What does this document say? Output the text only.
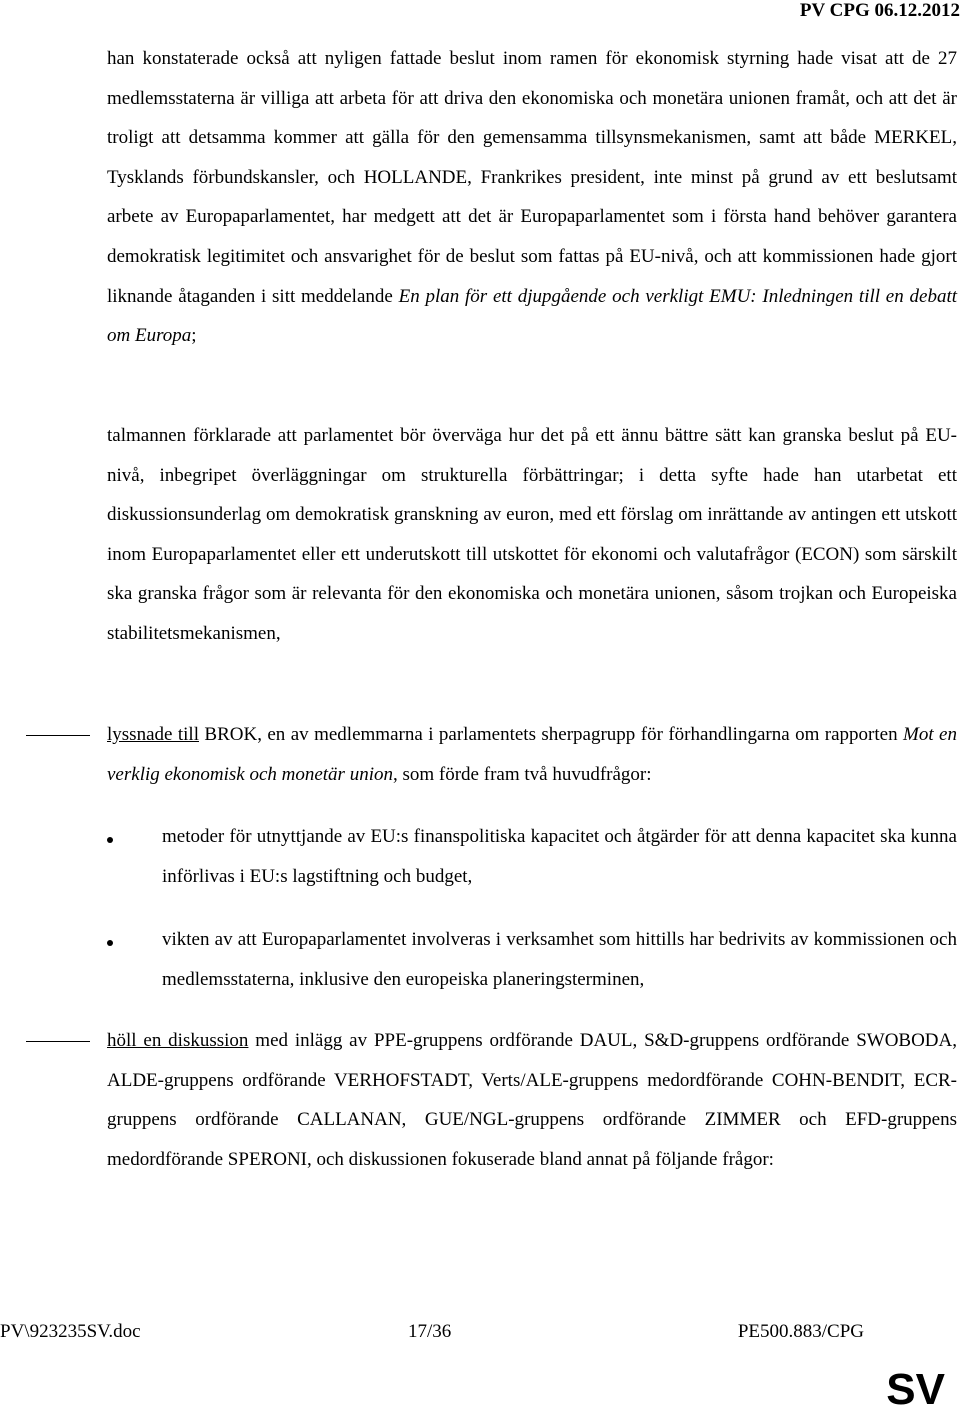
PV CPG 06.12.2012

han konstaterade också att nyligen fattade beslut inom ramen för ekonomisk styrning hade visat att de 27 medlemsstaterna är villiga att arbeta för att driva den ekonomiska och monetära unionen framåt, och att det är troligt att detsamma kommer att gälla för den gemensamma tillsynsmekanismen, samt att både MERKEL, Tysklands förbundskansler, och HOLLANDE, Frankrikes president, inte minst på grund av ett beslutsamt arbete av Europaparlamentet, har medgett att det är Europaparlamentet som i första hand behöver garantera demokratisk legitimitet och ansvarighet för de beslut som fattas på EU-nivå, och att kommissionen hade gjort liknande åtaganden i sitt meddelande En plan för ett djupgående och verkligt EMU: Inledningen till en debatt om Europa;

talmannen förklarade att parlamentet bör överväga hur det på ett ännu bättre sätt kan granska beslut på EU-nivå, inbegripet överläggningar om strukturella förbättringar; i detta syfte hade han utarbetat ett diskussionsunderlag om demokratisk granskning av euron, med ett förslag om inrättande av antingen ett utskott inom Europaparlamentet eller ett underutskott till utskottet för ekonomi och valutafrågor (ECON) som särskilt ska granska frågor som är relevanta för den ekonomiska och monetära unionen, såsom trojkan och Europeiska stabilitetsmekanismen,

lyssnade till BROK, en av medlemmarna i parlamentets sherpagrupp för förhandlingarna om rapporten Mot en verklig ekonomisk och monetär union, som förde fram två huvudfrågor:

metoder för utnyttjande av EU:s finanspolitiska kapacitet och åtgärder för att denna kapacitet ska kunna införlivas i EU:s lagstiftning och budget,

vikten av att Europaparlamentet involveras i verksamhet som hittills har bedrivits av kommissionen och medlemsstaterna, inklusive den europeiska planeringsterminen,

höll en diskussion med inlägg av PPE-gruppens ordförande DAUL, S&D-gruppens ordförande SWOBODA, ALDE-gruppens ordförande VERHOFSTADT, Verts/ALE-gruppens medordförande COHN-BENDIT, ECR-gruppens ordförande CALLANAN, GUE/NGL-gruppens ordförande ZIMMER och EFD-gruppens medordförande SPERONI, och diskussionen fokuserade bland annat på följande frågor:

PV\923235SV.doc	17/36	PE500.883/CPG
SV
